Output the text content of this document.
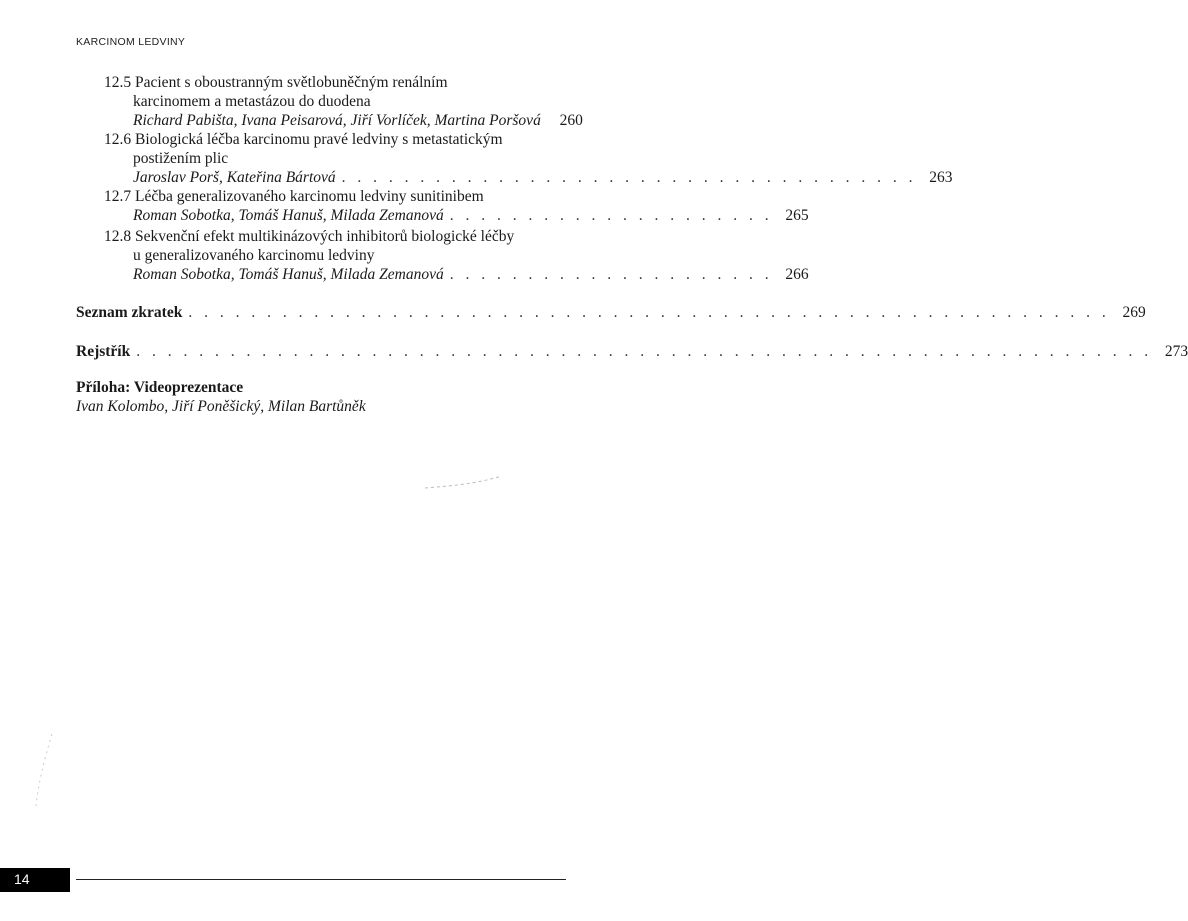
KARCINOM LEDVINY
12.5 Pacient s oboustranným světlobuněčným renálním
karcinomem a metastázou do duodena
Richard Pabišta, Ivana Peisarová, Jiří Vorlíček, Martina Poršová	260
12.6 Biologická léčba karcinomu pravé ledviny s metastatickým
postižením plic
Jaroslav Porš, Kateřina Bártová . . . . . . . . . . . . . . . . . . . . . . . . . . . . . . . . . . . . . 263
12.7 Léčba generalizovaného karcinomu ledviny sunitinibem
Roman Sobotka, Tomáš Hanuš, Milada Zemanová . . . . . . . . . . . . . . . . . . . . . 265
12.8 Sekvenční efekt multikinázových inhibitorů biologické léčby
u generalizovaného karcinomu ledviny
Roman Sobotka, Tomáš Hanuš, Milada Zemanová . . . . . . . . . . . . . . . . . . . . . 266
Seznam zkratek . . . . . . . . . . . . . . . . . . . . . . . . . . . . . . . . . . . . . . . . . . . . . . . . . . . . . . . . . . . 269
Rejstřík . . . . . . . . . . . . . . . . . . . . . . . . . . . . . . . . . . . . . . . . . . . . . . . . . . . . . . . . . . . . . . . . . 273
Příloha: Videoprezentace
Ivan Kolombo, Jiří Poněšický, Milan Bartůněk
14
